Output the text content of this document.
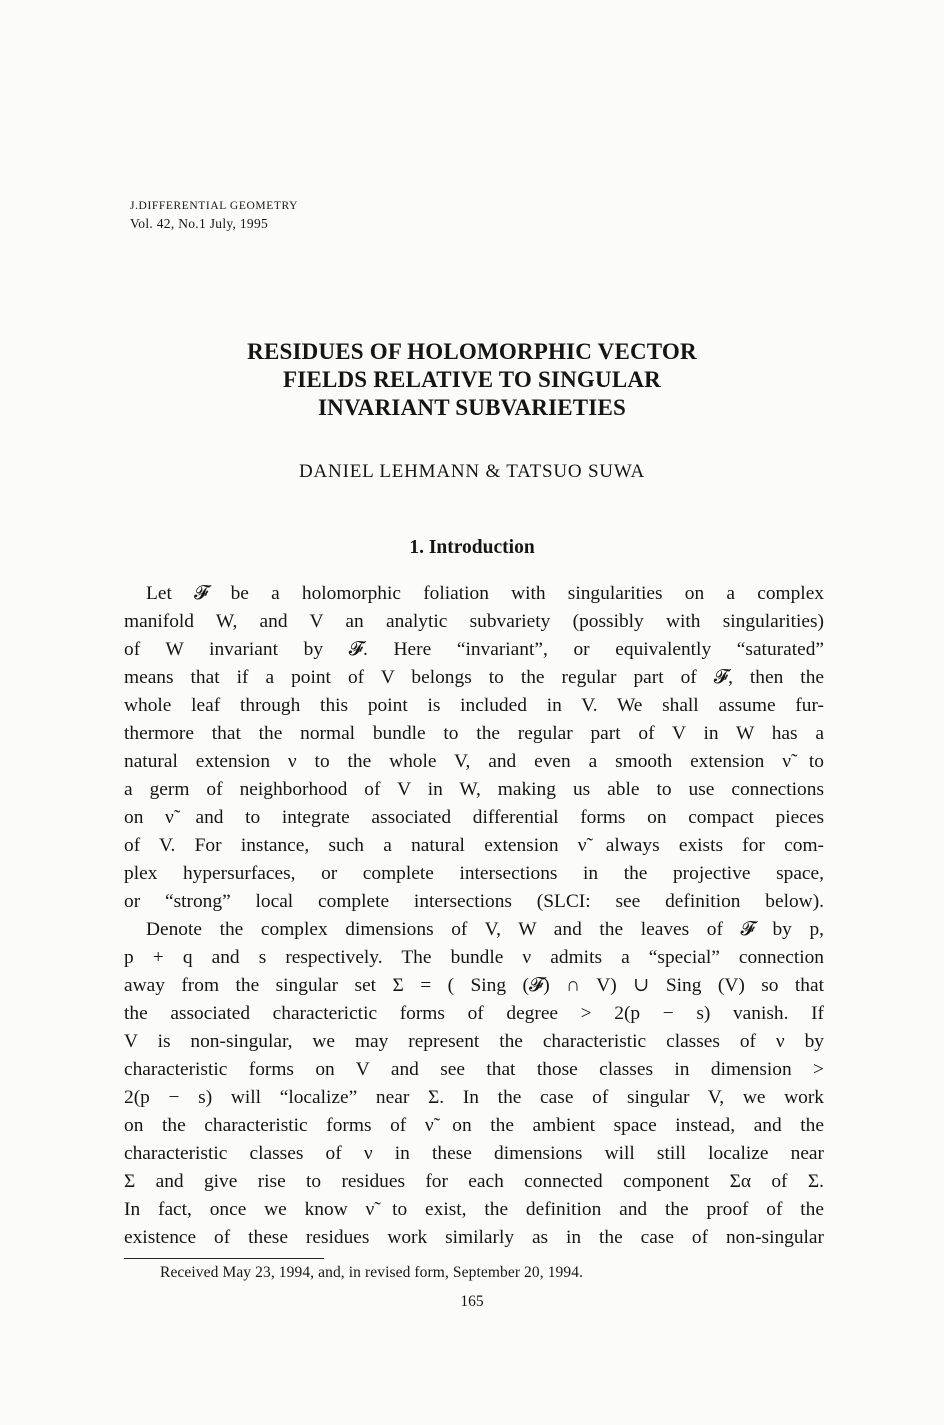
J.DIFFERENTIAL GEOMETRY
Vol. 42, No.1 July, 1995
RESIDUES OF HOLOMORPHIC VECTOR
FIELDS RELATIVE TO SINGULAR
INVARIANT SUBVARIETIES
DANIEL LEHMANN & TATSUO SUWA
1. Introduction
Let 𝓕 be a holomorphic foliation with singularities on a complex
manifold W, and V an analytic subvariety (possibly with singularities)
of W invariant by 𝓕. Here “invariant”, or equivalently “saturated”
means that if a point of V belongs to the regular part of 𝓕, then the
whole leaf through this point is included in V. We shall assume fur-
thermore that the normal bundle to the regular part of V in W has a
natural extension ν to the whole V, and even a smooth extension ν̃ to
a germ of neighborhood of V in W, making us able to use connections
on ν̃ and to integrate associated differential forms on compact pieces
of V. For instance, such a natural extension ν̃ always exists for com-
plex hypersurfaces, or complete intersections in the projective space,
or “strong” local complete intersections (SLCI: see definition below).
Denote the complex dimensions of V, W and the leaves of 𝓕 by p,
p + q and s respectively. The bundle ν admits a “special” connection
away from the singular set Σ = ( Sing (𝓕) ∩ V) ∪ Sing (V) so that
the associated characterictic forms of degree > 2(p − s) vanish. If
V is non-singular, we may represent the characteristic classes of ν by
characteristic forms on V and see that those classes in dimension >
2(p − s) will “localize” near Σ. In the case of singular V, we work
on the characteristic forms of ν̃ on the ambient space instead, and the
characteristic classes of ν in these dimensions will still localize near
Σ and give rise to residues for each connected component Σα of Σ.
In fact, once we know ν̃ to exist, the definition and the proof of the
existence of these residues work similarly as in the case of non-singular
Received May 23, 1994, and, in revised form, September 20, 1994.
165
